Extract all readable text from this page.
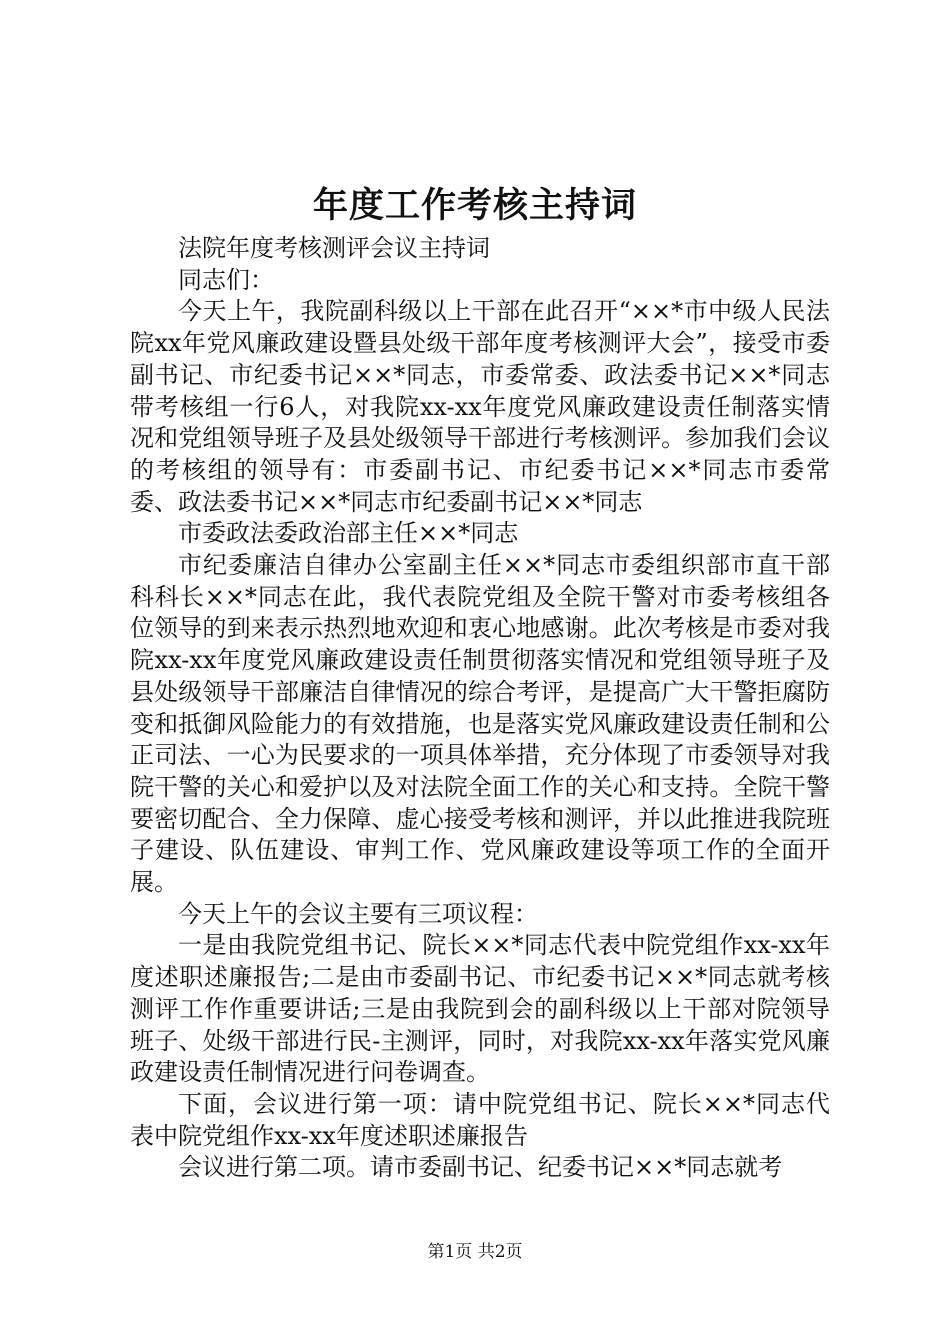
年度工作考核主持词

法院年度考核测评会议主持词

同志们：

今天上午，我院副科级以上干部在此召开“××*市中级人民法院xx年党风廉政建设暨县处级干部年度考核测评大会”，接受市委副书记、市纪委书记××*同志，市委常委、政法委书记××*同志带考核组一行6人，对我院xx-xx年度党风廉政建设责任制落实情况和党组领导班子及县处级领导干部进行考核测评。参加我们会议的考核组的领导有：市委副书记、市纪委书记××*同志市委常委、政法委书记××*同志市纪委副书记××*同志

市委政法委政治部主任××*同志

市纪委廉洁自律办公室副主任××*同志市委组织部市直干部科科长××*同志在此，我代表院党组及全院干警对市委考核组各位领导的到来表示热烈地欢迎和衷心地感谢。此次考核是市委对我院xx-xx年度党风廉政建设责任制贯彻落实情况和党组领导班子及县处级领导干部廉洁自律情况的综合考评，是提高广大干警拒腐防变和抵御风险能力的有效措施，也是落实党风廉政建设责任制和公正司法、一心为民要求的一项具体举措，充分体现了市委领导对我院干警的关心和爱护以及对法院全面工作的关心和支持。全院干警要密切配合、全力保障、虚心接受考核和测评，并以此推进我院班子建设、队伍建设、审判工作、党风廉政建设等项工作的全面开展。

今天上午的会议主要有三项议程：

一是由我院党组书记、院长××*同志代表中院党组作xx-xx年度述职述廉报告;二是由市委副书记、市纪委书记××*同志就考核测评工作作重要讲话;三是由我院到会的副科级以上干部对院领导班子、处级干部进行民-主测评，同时，对我院xx-xx年落实党风廉政建设责任制情况进行问卷调查。

下面，会议进行第一项：请中院党组书记、院长××*同志代表中院党组作xx-xx年度述职述廉报告

会议进行第二项。请市委副书记、纪委书记××*同志就考

第1页 共2页
